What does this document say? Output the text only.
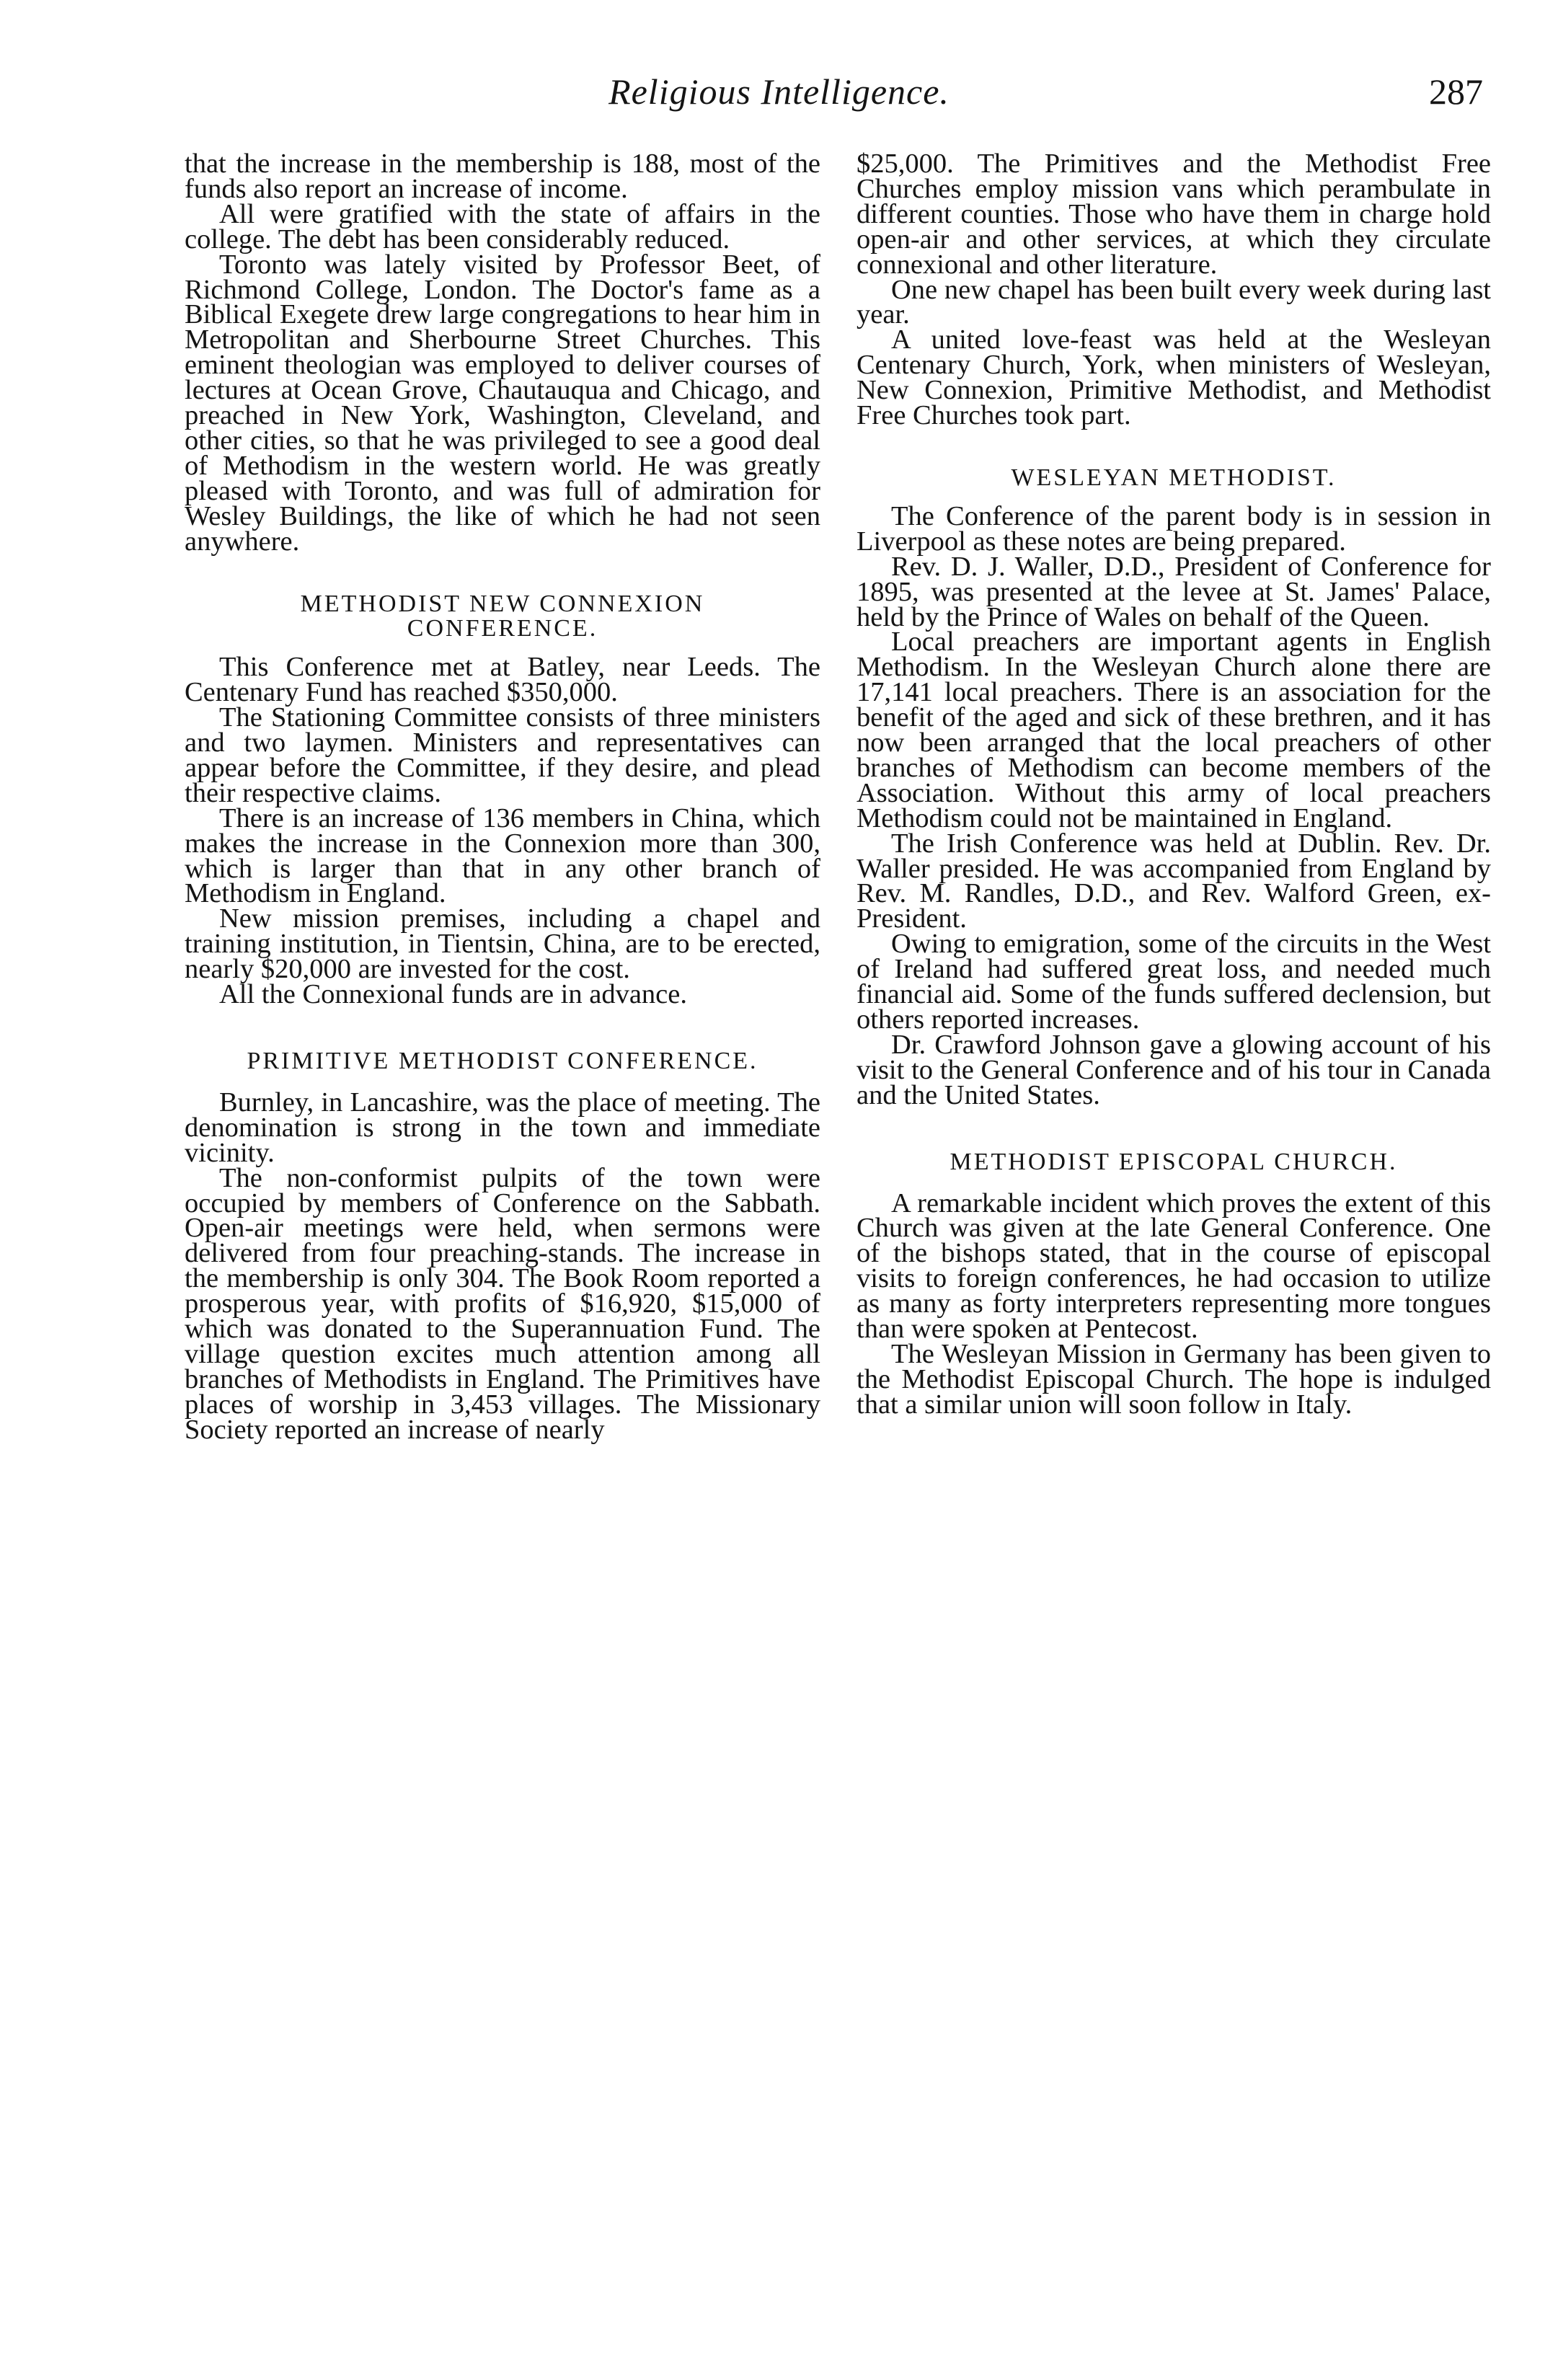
Religious Intelligence.	287

that the increase in the membership is 188, most of the funds also report an increase of income.

All were gratified with the state of affairs in the college. The debt has been considerably reduced.

Toronto was lately visited by Professor Beet, of Richmond College, London. The Doctor's fame as a Biblical Exegete drew large congregations to hear him in Metropolitan and Sherbourne Street Churches. This eminent theologian was employed to deliver courses of lectures at Ocean Grove, Chautauqua and Chicago, and preached in New York, Washington, Cleveland, and other cities, so that he was privileged to see a good deal of Methodism in the western world. He was greatly pleased with Toronto, and was full of admiration for Wesley Buildings, the like of which he had not seen anywhere.

METHODIST NEW CONNEXION
CONFERENCE.

This Conference met at Batley, near Leeds. The Centenary Fund has reached $350,000.

The Stationing Committee consists of three ministers and two laymen. Ministers and representatives can appear before the Committee, if they desire, and plead their respective claims.

There is an increase of 136 members in China, which makes the increase in the Connexion more than 300, which is larger than that in any other branch of Methodism in England.

New mission premises, including a chapel and training institution, in Tientsin, China, are to be erected, nearly $20,000 are invested for the cost.

All the Connexional funds are in advance.

PRIMITIVE METHODIST CONFERENCE.

Burnley, in Lancashire, was the place of meeting. The denomination is strong in the town and immediate vicinity.

The non-conformist pulpits of the town were occupied by members of Conference on the Sabbath. Open-air meetings were held, when sermons were delivered from four preaching-stands. The increase in the membership is only 304. The Book Room reported a prosperous year, with profits of $16,920, $15,000 of which was donated to the Superannuation Fund. The village question excites much attention among all branches of Methodists in England. The Primitives have places of worship in 3,453 villages. The Missionary Society reported an increase of nearly

$25,000. The Primitives and the Methodist Free Churches employ mission vans which perambulate in different counties. Those who have them in charge hold open-air and other services, at which they circulate connexional and other literature.

One new chapel has been built every week during last year.

A united love-feast was held at the Wesleyan Centenary Church, York, when ministers of Wesleyan, New Connexion, Primitive Methodist, and Methodist Free Churches took part.

WESLEYAN METHODIST.

The Conference of the parent body is in session in Liverpool as these notes are being prepared.

Rev. D. J. Waller, D.D., President of Conference for 1895, was presented at the levee at St. James' Palace, held by the Prince of Wales on behalf of the Queen.

Local preachers are important agents in English Methodism. In the Wesleyan Church alone there are 17,141 local preachers. There is an association for the benefit of the aged and sick of these brethren, and it has now been arranged that the local preachers of other branches of Methodism can become members of the Association. Without this army of local preachers Methodism could not be maintained in England.

The Irish Conference was held at Dublin. Rev. Dr. Waller presided. He was accompanied from England by Rev. M. Randles, D.D., and Rev. Walford Green, ex-President.

Owing to emigration, some of the circuits in the West of Ireland had suffered great loss, and needed much financial aid. Some of the funds suffered declension, but others reported increases.

Dr. Crawford Johnson gave a glowing account of his visit to the General Conference and of his tour in Canada and the United States.

METHODIST EPISCOPAL CHURCH.

A remarkable incident which proves the extent of this Church was given at the late General Conference. One of the bishops stated, that in the course of episcopal visits to foreign conferences, he had occasion to utilize as many as forty interpreters representing more tongues than were spoken at Pentecost.

The Wesleyan Mission in Germany has been given to the Methodist Episcopal Church. The hope is indulged that a similar union will soon follow in Italy.
